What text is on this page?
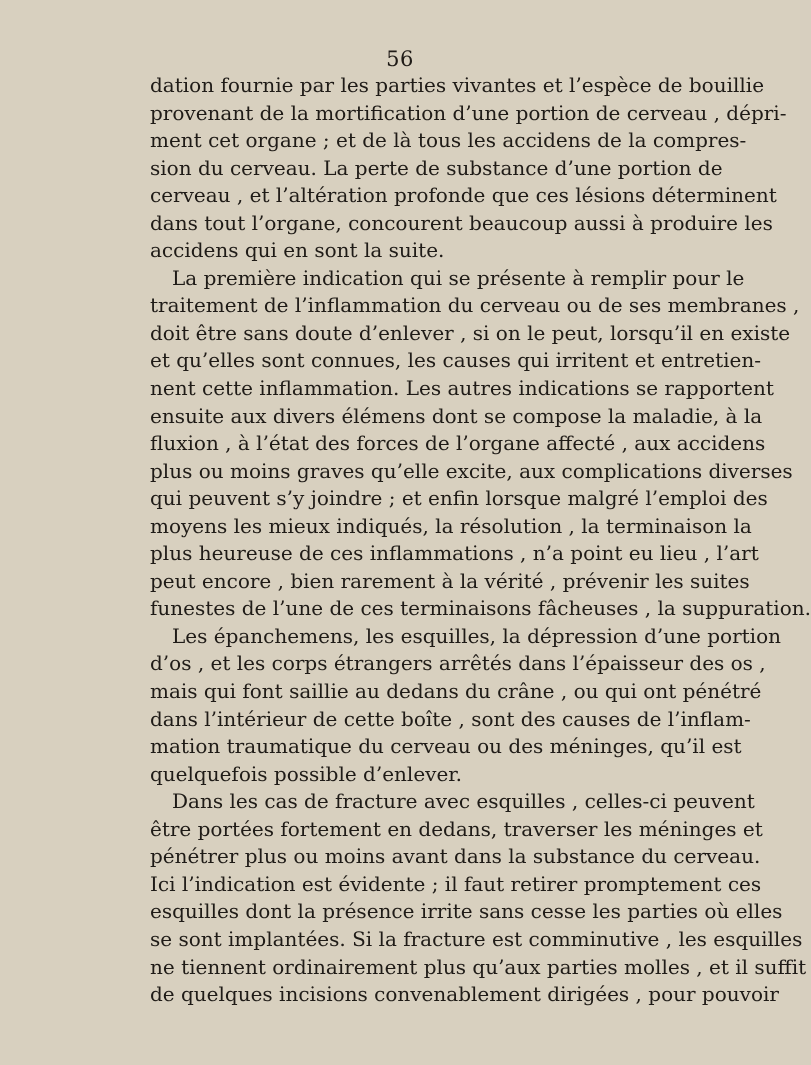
56
dation fournie par les parties vivantes et l’espèce de bouillie
provenant de la mortification d’une portion de cerveau , dépri-
ment cet organe ; et de là tous les accidens de la compres-
sion du cerveau. La perte de substance d’une portion de
cerveau , et l’altération profonde que ces lésions déterminent
dans tout l’organe, concourent beaucoup aussi à produire les
accidens qui en sont la suite.
La première indication qui se présente à remplir pour le
traitement de l’inflammation du cerveau ou de ses membranes ,
doit être sans doute d’enlever , si on le peut, lorsqu’il en existe
et qu’elles sont connues, les causes qui irritent et entretien-
nent cette inflammation. Les autres indications se rapportent
ensuite aux divers élémens dont se compose la maladie, à la
fluxion , à l’état des forces de l’organe affecté , aux accidens
plus ou moins graves qu’elle excite, aux complications diverses
qui peuvent s’y joindre ; et enfin lorsque malgré l’emploi des
moyens les mieux indiqués, la résolution , la terminaison la
plus heureuse de ces inflammations , n’a point eu lieu , l’art
peut encore , bien rarement à la vérité , prévenir les suites
funestes de l’une de ces terminaisons fâcheuses , la suppuration.
Les épanchemens, les esquilles, la dépression d’une portion
d’os , et les corps étrangers arrêtés dans l’épaisseur des os ,
mais qui font saillie au dedans du crâne , ou qui ont pénétré
dans l’intérieur de cette boîte , sont des causes de l’inflam-
mation traumatique du cerveau ou des méninges, qu’il est
quelquefois possible d’enlever.
Dans les cas de fracture avec esquilles , celles-ci peuvent
être portées fortement en dedans, traverser les méninges et
pénétrer plus ou moins avant dans la substance du cerveau.
Ici l’indication est évidente ; il faut retirer promptement ces
esquilles dont la présence irrite sans cesse les parties où elles
se sont implantées. Si la fracture est comminutive , les esquilles
ne tiennent ordinairement plus qu’aux parties molles , et il suffit
de quelques incisions convenablement dirigées , pour pouvoir
